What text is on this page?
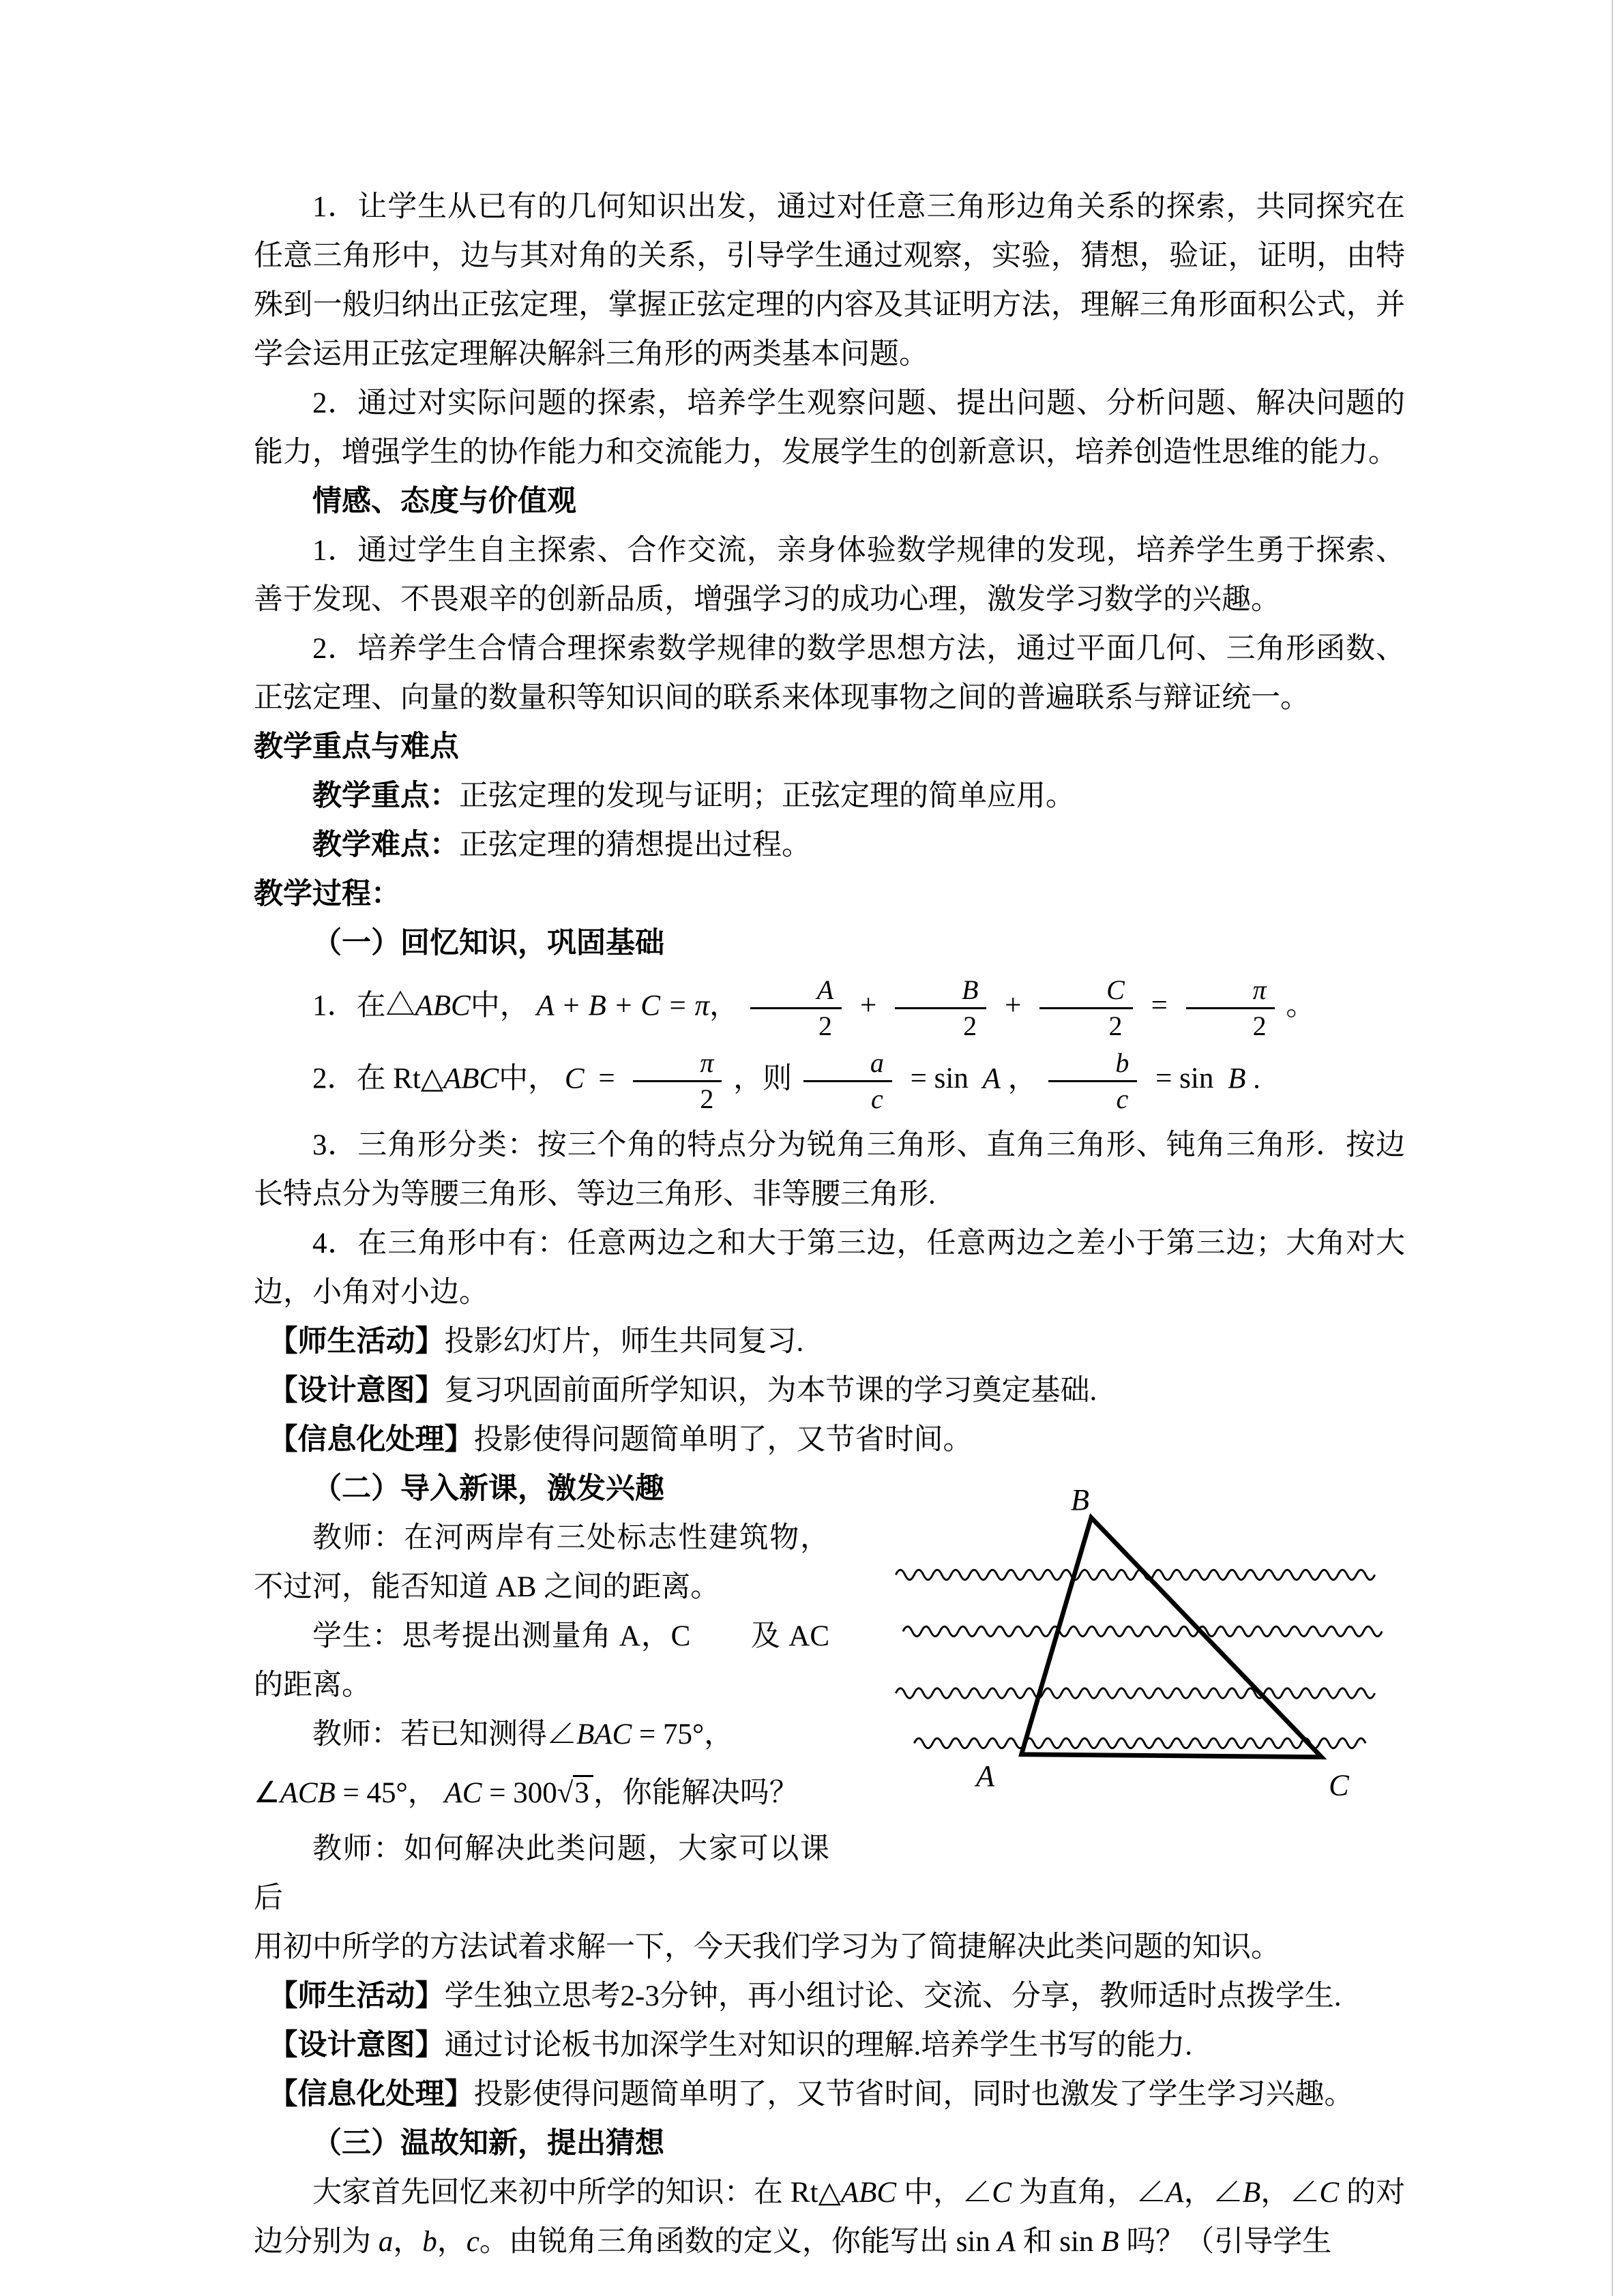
1．让学生从已有的几何知识出发，通过对任意三角形边角关系的探索，共同探究在任意三角形中，边与其对角的关系，引导学生通过观察，实验，猜想，验证，证明，由特殊到一般归纳出正弦定理，掌握正弦定理的内容及其证明方法，理解三角形面积公式，并学会运用正弦定理解决解斜三角形的两类基本问题。

2．通过对实际问题的探索，培养学生观察问题、提出问题、分析问题、解决问题的能力，增强学生的协作能力和交流能力，发展学生的创新意识，培养创造性思维的能力。

情感、态度与价值观

1．通过学生自主探索、合作交流，亲身体验数学规律的发现，培养学生勇于探索、善于发现、不畏艰辛的创新品质，增强学习的成功心理，激发学习数学的兴趣。

2．培养学生合情合理探索数学规律的数学思想方法，通过平面几何、三角形函数、正弦定理、向量的数量积等知识间的联系来体现事物之间的普遍联系与辩证统一。

教学重点与难点

教学重点：正弦定理的发现与证明；正弦定理的简单应用。

教学难点：正弦定理的猜想提出过程。

教学过程：

（一）回忆知识，巩固基础

1．在△ABC中， A + B + C = π， $\frac{A}{2} + \frac{B}{2} + \frac{C}{2} = \frac{\pi}{2}$ 。

2．在 Rt△ABC中， $C = \frac{\pi}{2}$ ，则 $\frac{a}{c} = \sin A$ ， $\frac{b}{c} = \sin B$ .

3．三角形分类：按三个角的特点分为锐角三角形、直角三角形、钝角三角形．按边长特点分为等腰三角形、等边三角形、非等腰三角形.

4．在三角形中有：任意两边之和大于第三边，任意两边之差小于第三边；大角对大边，小角对小边。

【师生活动】投影幻灯片，师生共同复习.

【设计意图】复习巩固前面所学知识，为本节课的学习奠定基础.

【信息化处理】投影使得问题简单明了，又节省时间。

B
A	C

（二）导入新课，激发兴趣

教师：在河两岸有三处标志性建筑物，不过河，能否知道 AB 之间的距离。

学生：思考提出测量角 A，C　　及 AC 的距离。

教师：若已知测得∠BAC = 75°，

∠ACB = 45°， AC = 300√3 ，你能解决吗？

教师：如何解决此类问题，大家可以课后

用初中所学的方法试着求解一下，今天我们学习为了简捷解决此类问题的知识。

【师生活动】学生独立思考2-3分钟，再小组讨论、交流、分享，教师适时点拨学生.

【设计意图】通过讨论板书加深学生对知识的理解.培养学生书写的能力.

【信息化处理】投影使得问题简单明了，又节省时间，同时也激发了学生学习兴趣。

（三）温故知新，提出猜想

大家首先回忆来初中所学的知识：在 Rt△ABC 中，∠C 为直角，∠A，∠B，∠C 的对边分别为 a，b，c。由锐角三角函数的定义，你能写出 sin A 和 sin B 吗？（引导学生
